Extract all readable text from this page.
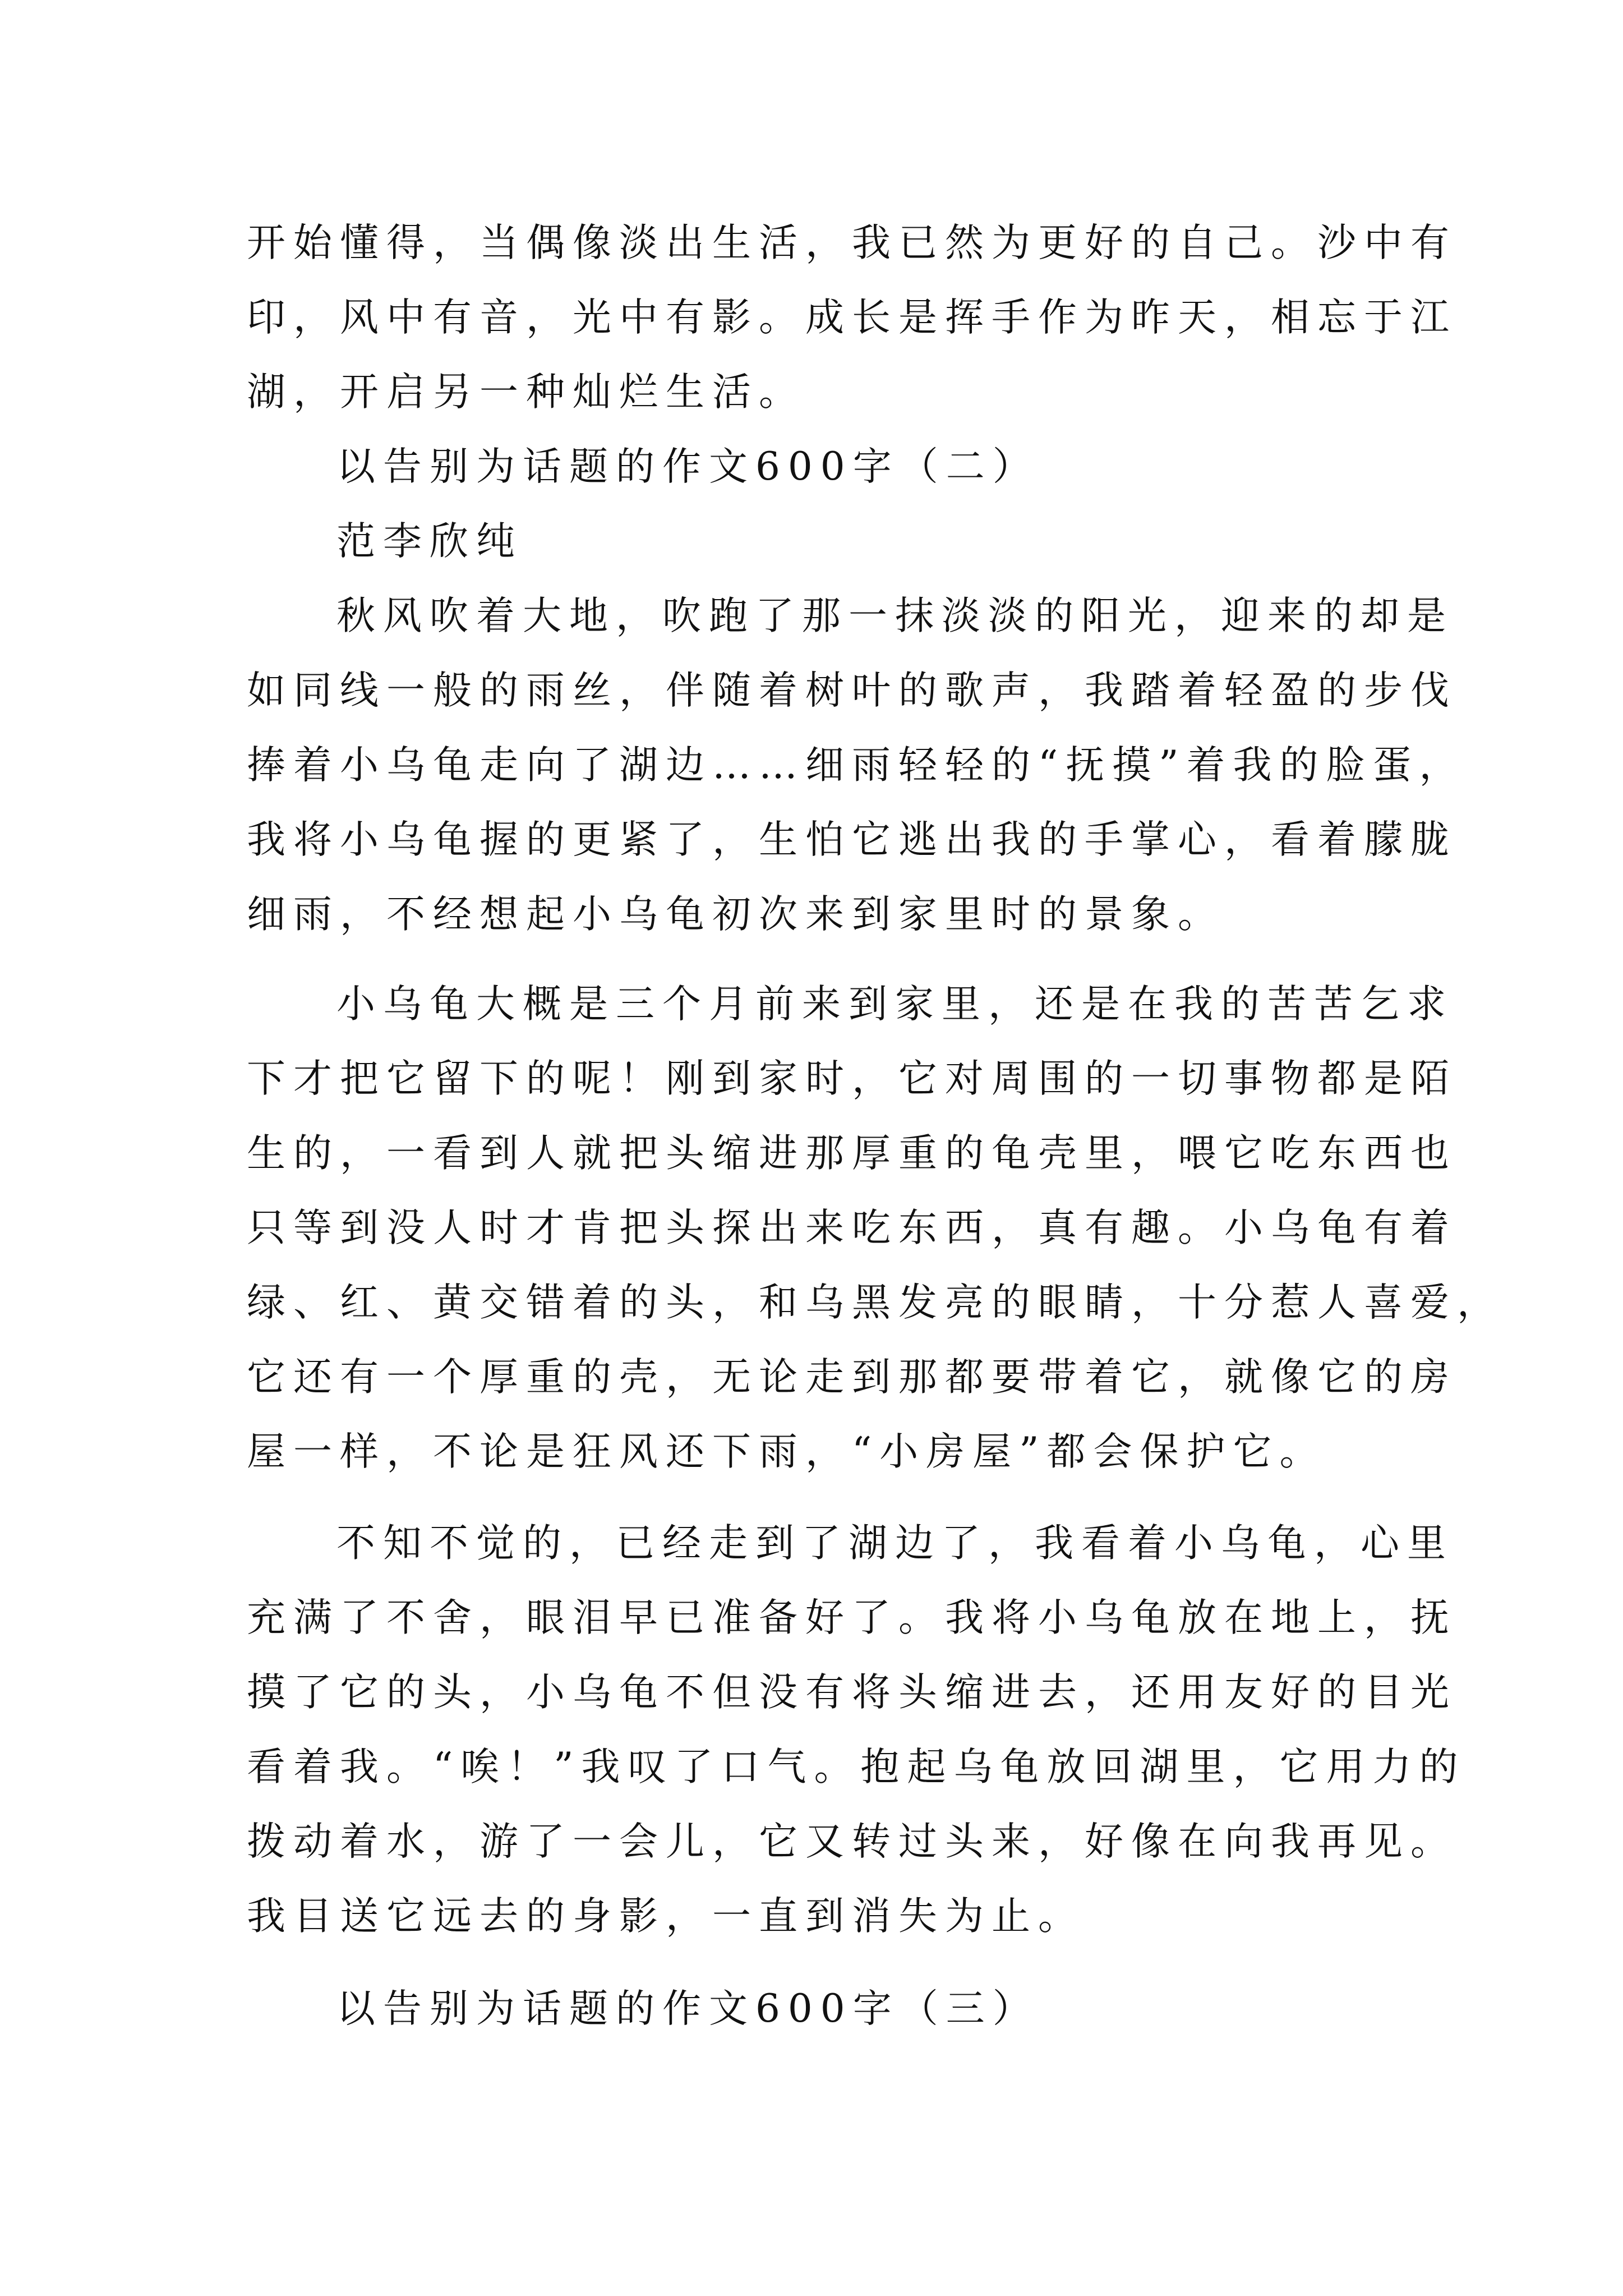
开始懂得，当偶像淡出生活，我已然为更好的自己。沙中有

印，风中有音，光中有影。成长是挥手作为昨天，相忘于江

湖，开启另一种灿烂生活。

以告别为话题的作文600字（二）

范李欣纯

秋风吹着大地，吹跑了那一抹淡淡的阳光，迎来的却是

如同线一般的雨丝，伴随着树叶的歌声，我踏着轻盈的步伐

捧着小乌龟走向了湖边……细雨轻轻的“抚摸”着我的脸蛋，

我将小乌龟握的更紧了，生怕它逃出我的手掌心，看着朦胧

细雨，不经想起小乌龟初次来到家里时的景象。

小乌龟大概是三个月前来到家里，还是在我的苦苦乞求

下才把它留下的呢！刚到家时，它对周围的一切事物都是陌

生的，一看到人就把头缩进那厚重的龟壳里，喂它吃东西也

只等到没人时才肯把头探出来吃东西，真有趣。小乌龟有着

绿、红、黄交错着的头，和乌黑发亮的眼睛，十分惹人喜爱，

它还有一个厚重的壳，无论走到那都要带着它，就像它的房

屋一样，不论是狂风还下雨，“小房屋”都会保护它。

不知不觉的，已经走到了湖边了，我看着小乌龟，心里

充满了不舍，眼泪早已准备好了。我将小乌龟放在地上，抚

摸了它的头，小乌龟不但没有将头缩进去，还用友好的目光

看着我。“唉！”我叹了口气。抱起乌龟放回湖里，它用力的

拨动着水，游了一会儿，它又转过头来，好像在向我再见。

我目送它远去的身影，一直到消失为止。

以告别为话题的作文600字（三）
